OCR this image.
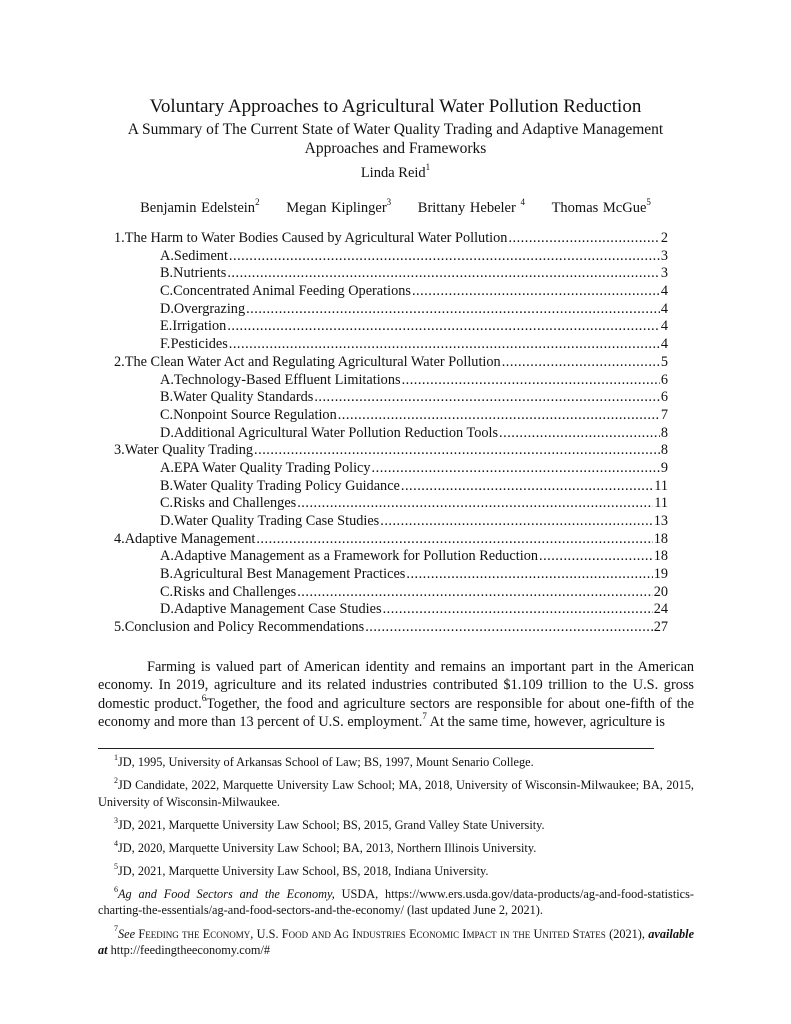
Voluntary Approaches to Agricultural Water Pollution Reduction
A Summary of The Current State of Water Quality Trading and Adaptive Management Approaches and Frameworks
Linda Reid$^1$
Benjamin Edelstein$^2$ Megan Kiplinger$^3$ Brittany Hebeler $^4$ Thomas McGue$^5$
1. The Harm to Water Bodies Caused by Agricultural Water Pollution .....	2
A. Sediment .....	3
B. Nutrients .....	3
C. Concentrated Animal Feeding Operations .....	4
D. Overgrazing .....	4
E. Irrigation .....	4
F. Pesticides .....	4
2. The Clean Water Act and Regulating Agricultural Water Pollution .....	5
A. Technology-Based Effluent Limitations .....	6
B. Water Quality Standards .....	6
C. Nonpoint Source Regulation .....	7
D. Additional Agricultural Water Pollution Reduction Tools .....	8
3. Water Quality Trading .....	8
A. EPA Water Quality Trading Policy .....	9
B. Water Quality Trading Policy Guidance .....	11
C. Risks and Challenges .....	11
D. Water Quality Trading Case Studies .....	13
4. Adaptive Management .....	18
A. Adaptive Management as a Framework for Pollution Reduction .....	18
B. Agricultural Best Management Practices .....	19
C. Risks and Challenges .....	20
D. Adaptive Management Case Studies .....	24
5. Conclusion and Policy Recommendations .....	27
Farming is valued part of American identity and remains an important part in the American economy. In 2019, agriculture and its related industries contributed $1.109 trillion to the U.S. gross domestic product.$^6$Together, the food and agriculture sectors are responsible for about one-fifth of the economy and more than 13 percent of U.S. employment.$^7$ At the same time, however, agriculture is

$^1$JD, 1995, University of Arkansas School of Law; BS, 1997, Mount Senario College.

$^2$JD Candidate, 2022, Marquette University Law School; MA, 2018, University of Wisconsin-Milwaukee; BA, 2015, University of Wisconsin-Milwaukee.

$^3$JD, 2021, Marquette University Law School; BS, 2015, Grand Valley State University.

$^4$JD, 2020, Marquette University Law School; BA, 2013, Northern Illinois University.

$^5$JD, 2021, Marquette University Law School, BS, 2018, Indiana University.

$^6$Ag and Food Sectors and the Economy, USDA, https://www.ers.usda.gov/data-products/ag-and-food-statistics-charting-the-essentials/ag-and-food-sectors-and-the-economy/ (last updated June 2, 2021).

$^7$See Feeding the Economy, U.S. Food and Ag Industries Economic Impact in the United States (2021), available at http://feedingtheeconomy.com/#
